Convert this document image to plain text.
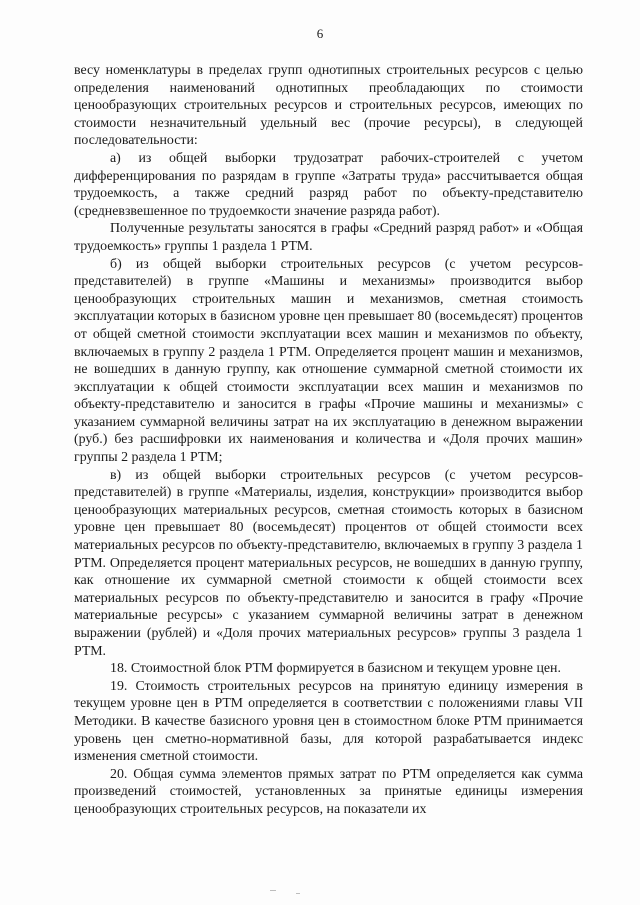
6

весу номенклатуры в пределах групп однотипных строительных ресурсов с целью определения наименований однотипных преобладающих по стоимости ценообразующих строительных ресурсов и строительных ресурсов, имеющих по стоимости незначительный удельный вес (прочие ресурсы), в следующей последовательности:

а) из общей выборки трудозатрат рабочих-строителей с учетом дифференцирования по разрядам в группе «Затраты труда» рассчитывается общая трудоемкость, а также средний разряд работ по объекту-представителю (средневзвешенное по трудоемкости значение разряда работ).

Полученные результаты заносятся в графы «Средний разряд работ» и «Общая трудоемкость» группы 1 раздела 1 РТМ.

б) из общей выборки строительных ресурсов (с учетом ресурсов-представителей) в группе «Машины и механизмы» производится выбор ценообразующих строительных машин и механизмов, сметная стоимость эксплуатации которых в базисном уровне цен превышает 80 (восемьдесят) процентов от общей сметной стоимости эксплуатации всех машин и механизмов по объекту, включаемых в группу 2 раздела 1 РТМ. Определяется процент машин и механизмов, не вошедших в данную группу, как отношение суммарной сметной стоимости их эксплуатации к общей стоимости эксплуатации всех машин и механизмов по объекту-представителю и заносится в графы «Прочие машины и механизмы» с указанием суммарной величины затрат на их эксплуатацию в денежном выражении (руб.) без расшифровки их наименования и количества и «Доля прочих машин» группы 2 раздела 1 РТМ;

в) из общей выборки строительных ресурсов (с учетом ресурсов-представителей) в группе «Материалы, изделия, конструкции» производится выбор ценообразующих материальных ресурсов, сметная стоимость которых в базисном уровне цен превышает 80 (восемьдесят) процентов от общей стоимости всех материальных ресурсов по объекту-представителю, включаемых в группу 3 раздела 1 РТМ. Определяется процент материальных ресурсов, не вошедших в данную группу, как отношение их суммарной сметной стоимости к общей стоимости всех материальных ресурсов по объекту-представителю и заносится в графу «Прочие материальные ресурсы» с указанием суммарной величины затрат в денежном выражении (рублей) и «Доля прочих материальных ресурсов» группы 3 раздела 1 РТМ.

18. Стоимостной блок РТМ формируется в базисном и текущем уровне цен.

19. Стоимость строительных ресурсов на принятую единицу измерения в текущем уровне цен в РТМ определяется в соответствии с положениями главы VII Методики. В качестве базисного уровня цен в стоимостном блоке РТМ принимается уровень цен сметно-нормативной базы, для которой разрабатывается индекс изменения сметной стоимости.

20. Общая сумма элементов прямых затрат по РТМ определяется как сумма произведений стоимостей, установленных за принятые единицы измерения ценообразующих строительных ресурсов, на показатели их
